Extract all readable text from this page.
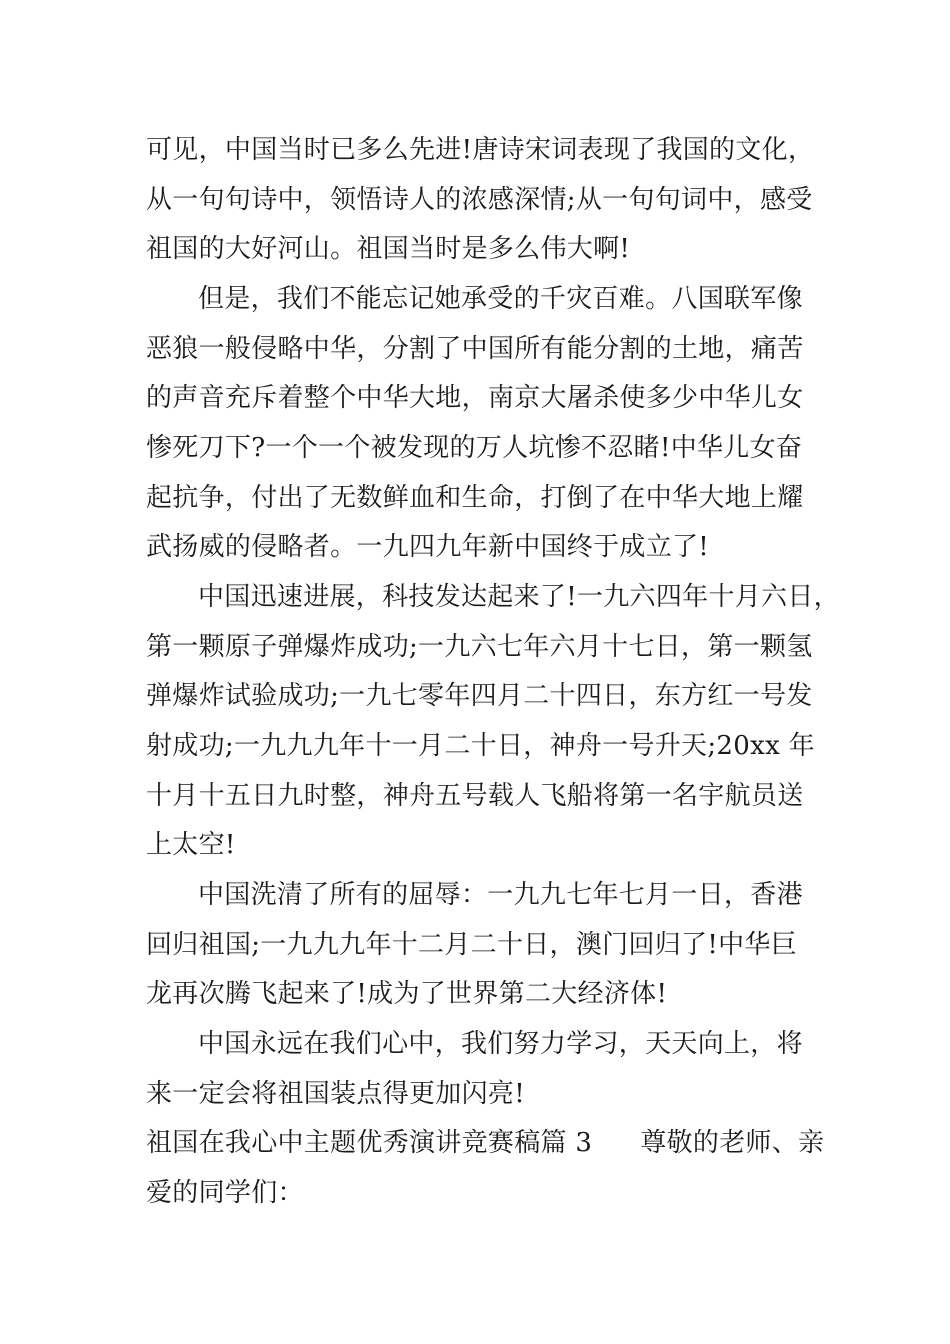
可见，中国当时已多么先进!唐诗宋词表现了我国的文化，
从一句句诗中，领悟诗人的浓感深情;从一句句词中，感受
祖国的大好河山。祖国当时是多么伟大啊!
但是，我们不能忘记她承受的千灾百难。八国联军像
恶狼一般侵略中华，分割了中国所有能分割的土地，痛苦
的声音充斥着整个中华大地，南京大屠杀使多少中华儿女
惨死刀下?一个一个被发现的万人坑惨不忍睹!中华儿女奋
起抗争，付出了无数鲜血和生命，打倒了在中华大地上耀
武扬威的侵略者。一九四九年新中国终于成立了!
中国迅速进展，科技发达起来了!一九六四年十月六日，
第一颗原子弹爆炸成功;一九六七年六月十七日，第一颗氢
弹爆炸试验成功;一九七零年四月二十四日，东方红一号发
射成功;一九九九年十一月二十日，神舟一号升天;20xx 年
十月十五日九时整，神舟五号载人飞船将第一名宇航员送
上太空!
中国洗清了所有的屈辱：一九九七年七月一日，香港
回归祖国;一九九九年十二月二十日，澳门回归了!中华巨
龙再次腾飞起来了!成为了世界第二大经济体!
中国永远在我们心中，我们努力学习，天天向上，将
来一定会将祖国装点得更加闪亮!
祖国在我心中主题优秀演讲竞赛稿篇 3 尊敬的老师、亲
爱的同学们：
